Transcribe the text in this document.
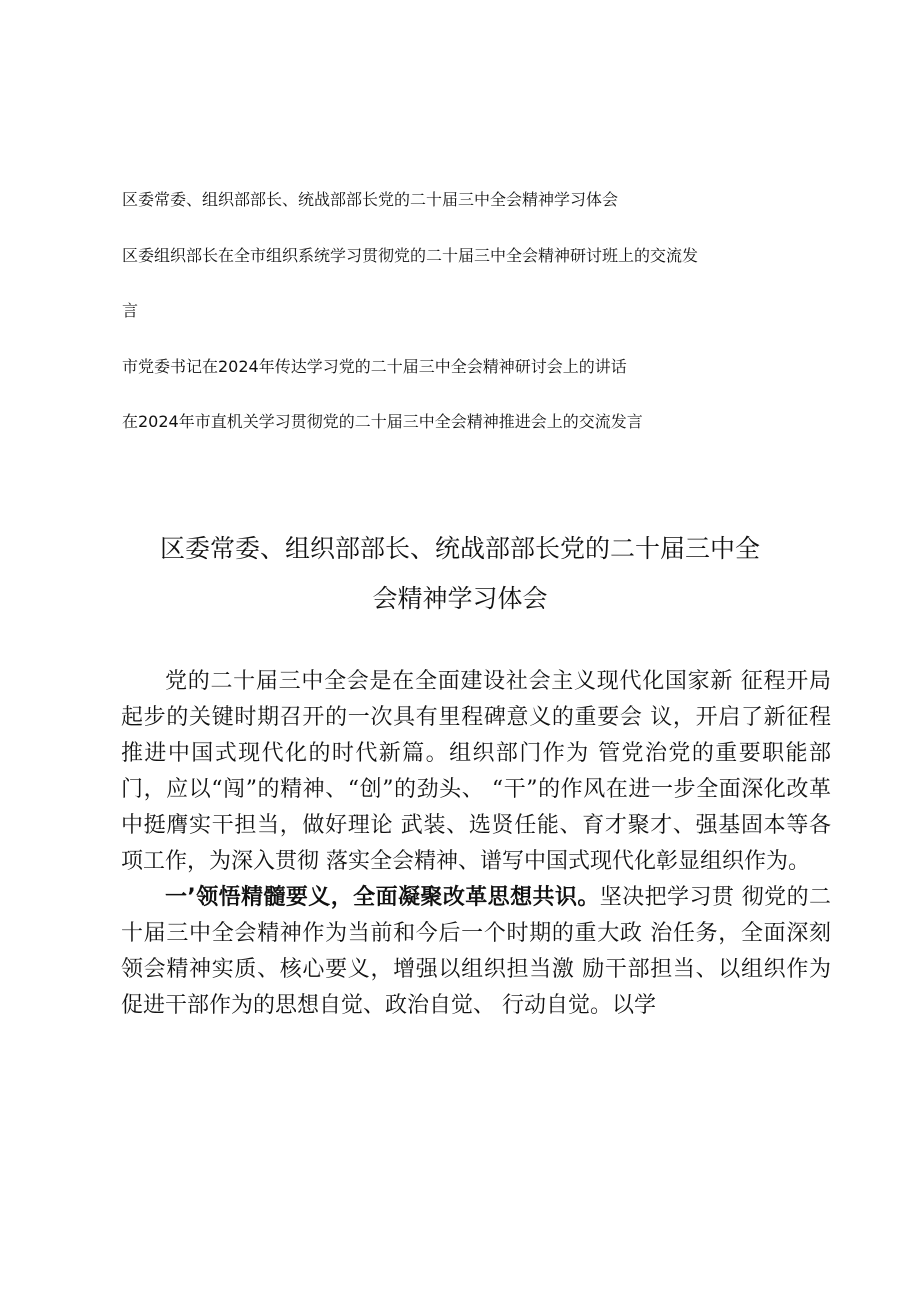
区委常委、组织部部长、统战部部长党的二十届三中全会精神学习体会
区委组织部长在全市组织系统学习贯彻党的二十届三中全会精神研讨班上的交流发
言
市党委书记在2024年传达学习党的二十届三中全会精神研讨会上的讲话
在2024年市直机关学习贯彻党的二十届三中全会精神推进会上的交流发言
区委常委、组织部部长、统战部部长党的二十届三中全
会精神学习体会

党的二十届三中全会是在全面建设社会主义现代化国家新 征程开局起步的关键时期召开的一次具有里程碑意义的重要会 议，开启了新征程推进中国式现代化的时代新篇。组织部门作为 管党治党的重要职能部门，应以“闯”的精神、“创”的劲头、 “干”的作风在进一步全面深化改革中挺膺实干担当，做好理论 武装、选贤任能、育才聚才、强基固本等各项工作，为深入贯彻 落实全会精神、谱写中国式现代化彰显组织作为。

一’领悟精髓要义，全面凝聚改革思想共识。坚决把学习贯 彻党的二十届三中全会精神作为当前和今后一个时期的重大政 治任务，全面深刻领会精神实质、核心要义，增强以组织担当激 励干部担当、以组织作为促进干部作为的思想自觉、政治自觉、 行动自觉。以学
